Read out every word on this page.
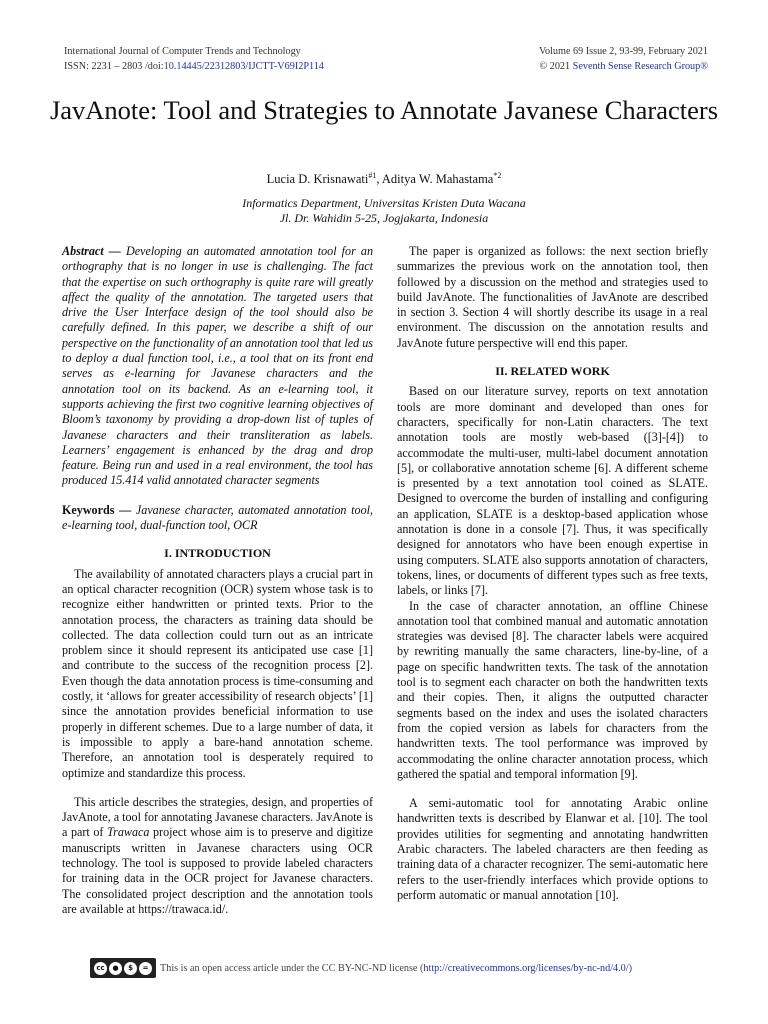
International Journal of Computer Trends and Technology
ISSN: 2231 – 2803 /doi:10.14445/22312803/IJCTT-V69I2P114
Volume 69 Issue 2, 93-99, February 2021
© 2021 Seventh Sense Research Group®
JavAnote: Tool and Strategies to Annotate Javanese Characters
Lucia D. Krisnawati$^{\#1}$, Aditya W. Mahastama$^{*2}$
Informatics Department, Universitas Kristen Duta Wacana
Jl. Dr. Wahidin 5-25, Jogjakarta, Indonesia

Abstract — Developing an automated annotation tool for an orthography that is no longer in use is challenging. The fact that the expertise on such orthography is quite rare will greatly affect the quality of the annotation. The targeted users that drive the User Interface design of the tool should also be carefully defined. In this paper, we describe a shift of our perspective on the functionality of an annotation tool that led us to deploy a dual function tool, i.e., a tool that on its front end serves as e-learning for Javanese characters and the annotation tool on its backend. As an e-learning tool, it supports achieving the first two cognitive learning objectives of Bloom’s taxonomy by providing a drop-down list of tuples of Javanese characters and their transliteration as labels. Learners’ engagement is enhanced by the drag and drop feature. Being run and used in a real environment, the tool has produced 15.414 valid annotated character segments

Keywords — Javanese character, automated annotation tool, e-learning tool, dual-function tool, OCR

I. INTRODUCTION

The availability of annotated characters plays a crucial part in an optical character recognition (OCR) system whose task is to recognize either handwritten or printed texts. Prior to the annotation process, the characters as training data should be collected. The data collection could turn out as an intricate problem since it should represent its anticipated use case [1] and contribute to the success of the recognition process [2]. Even though the data annotation process is time-consuming and costly, it ‘allows for greater accessibility of research objects’ [1] since the annotation provides beneficial information to use properly in different schemes. Due to a large number of data, it is impossible to apply a bare-hand annotation scheme. Therefore, an annotation tool is desperately required to optimize and standardize this process.

This article describes the strategies, design, and properties of JavAnote, a tool for annotating Javanese characters. JavAnote is a part of Trawaca project whose aim is to preserve and digitize manuscripts written in Javanese characters using OCR technology. The tool is supposed to provide labeled characters for training data in the OCR project for Javanese characters. The consolidated project description and the annotation tools are available at https://trawaca.id/.

The paper is organized as follows: the next section briefly summarizes the previous work on the annotation tool, then followed by a discussion on the method and strategies used to build JavAnote. The functionalities of JavAnote are described in section 3. Section 4 will shortly describe its usage in a real environment. The discussion on the annotation results and JavAnote future perspective will end this paper.

II. RELATED WORK

Based on our literature survey, reports on text annotation tools are more dominant and developed than ones for characters, specifically for non-Latin characters. The text annotation tools are mostly web-based ([3]-[4]) to accommodate the multi-user, multi-label document annotation [5], or collaborative annotation scheme [6]. A different scheme is presented by a text annotation tool coined as SLATE. Designed to overcome the burden of installing and configuring an application, SLATE is a desktop-based application whose annotation is done in a console [7]. Thus, it was specifically designed for annotators who have been enough expertise in using computers. SLATE also supports annotation of characters, tokens, lines, or documents of different types such as free texts, labels, or links [7].

In the case of character annotation, an offline Chinese annotation tool that combined manual and automatic annotation strategies was devised [8]. The character labels were acquired by rewriting manually the same characters, line-by-line, of a page on specific handwritten texts. The task of the annotation tool is to segment each character on both the handwritten texts and their copies. Then, it aligns the outputted character segments based on the index and uses the isolated characters from the copied version as labels for characters from the handwritten texts. The tool performance was improved by accommodating the online character annotation process, which gathered the spatial and temporal information [9].

A semi-automatic tool for annotating Arabic online handwritten texts is described by Elanwar et al. [10]. The tool provides utilities for segmenting and annotating handwritten Arabic characters. The labeled characters are then feeding as training data of a character recognizer. The semi-automatic here refers to the user-friendly interfaces which provide options to perform automatic or manual annotation [10].

cc	●	$	=	This is an open access article under the CC BY-NC-ND license ( http://creativecommons.org/licenses/by-nc-nd/4.0/ )
